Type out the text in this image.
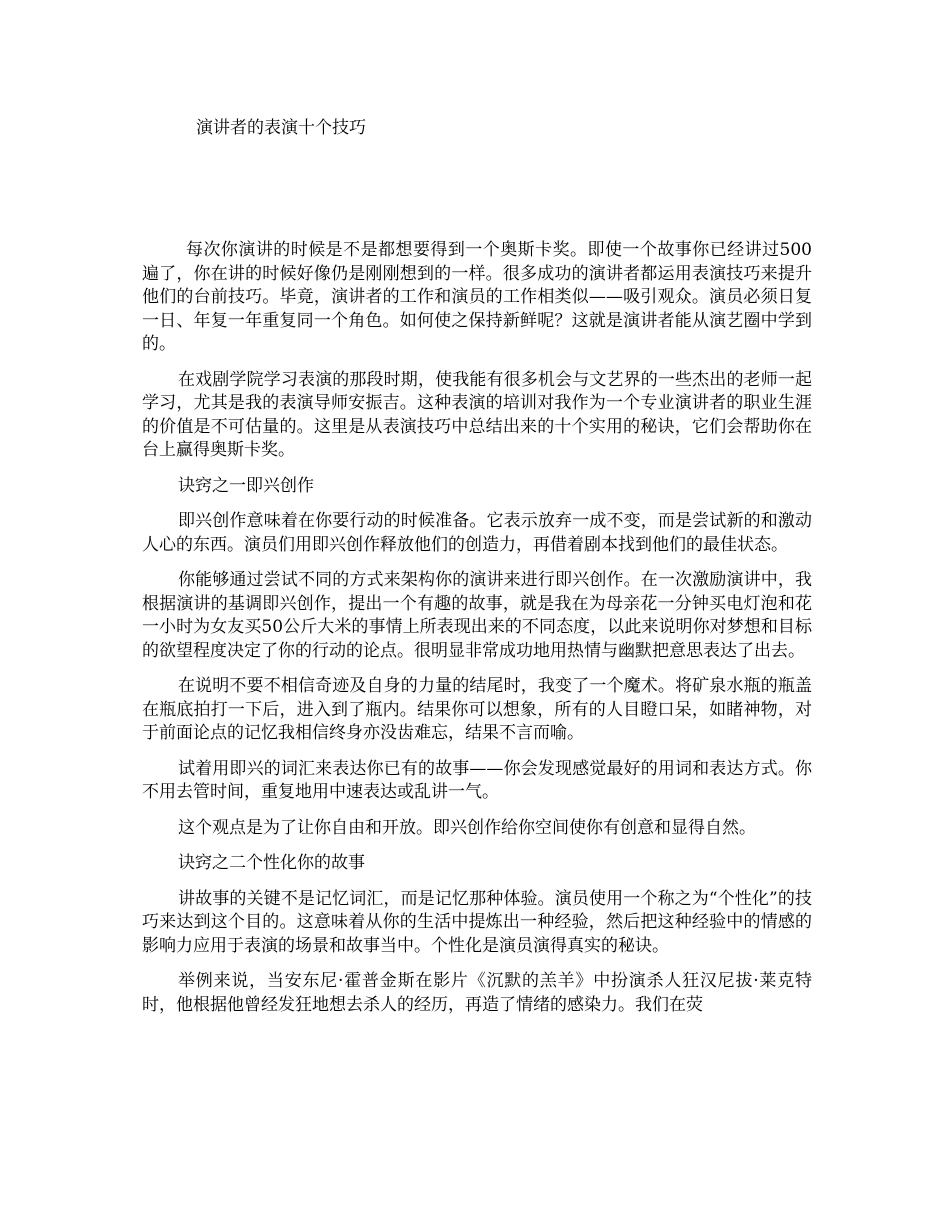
演讲者的表演十个技巧

每次你演讲的时候是不是都想要得到一个奥斯卡奖。即使一个故事你已经讲过500遍了，你在讲的时候好像仍是刚刚想到的一样。很多成功的演讲者都运用表演技巧来提升他们的台前技巧。毕竟，演讲者的工作和演员的工作相类似——吸引观众。演员必须日复一日、年复一年重复同一个角色。如何使之保持新鲜呢？这就是演讲者能从演艺圈中学到的。

在戏剧学院学习表演的那段时期，使我能有很多机会与文艺界的一些杰出的老师一起学习，尤其是我的表演导师安振吉。这种表演的培训对我作为一个专业演讲者的职业生涯的价值是不可估量的。这里是从表演技巧中总结出来的十个实用的秘诀，它们会帮助你在台上赢得奥斯卡奖。

诀窍之一即兴创作

即兴创作意味着在你要行动的时候准备。它表示放弃一成不变，而是尝试新的和激动人心的东西。演员们用即兴创作释放他们的创造力，再借着剧本找到他们的最佳状态。

你能够通过尝试不同的方式来架构你的演讲来进行即兴创作。在一次激励演讲中，我根据演讲的基调即兴创作，提出一个有趣的故事，就是我在为母亲花一分钟买电灯泡和花一小时为女友买50公斤大米的事情上所表现出来的不同态度，以此来说明你对梦想和目标的欲望程度决定了你的行动的论点。很明显非常成功地用热情与幽默把意思表达了出去。

在说明不要不相信奇迹及自身的力量的结尾时，我变了一个魔术。将矿泉水瓶的瓶盖在瓶底拍打一下后，进入到了瓶内。结果你可以想象，所有的人目瞪口呆，如睹神物，对于前面论点的记忆我相信终身亦没齿难忘，结果不言而喻。

试着用即兴的词汇来表达你已有的故事——你会发现感觉最好的用词和表达方式。你不用去管时间，重复地用中速表达或乱讲一气。

这个观点是为了让你自由和开放。即兴创作给你空间使你有创意和显得自然。

诀窍之二个性化你的故事

讲故事的关键不是记忆词汇，而是记忆那种体验。演员使用一个称之为“个性化”的技巧来达到这个目的。这意味着从你的生活中提炼出一种经验，然后把这种经验中的情感的影响力应用于表演的场景和故事当中。个性化是演员演得真实的秘诀。

举例来说，当安东尼·霍普金斯在影片《沉默的羔羊》中扮演杀人狂汉尼拔·莱克特时，他根据他曾经发狂地想去杀人的经历，再造了情绪的感染力。我们在荧
